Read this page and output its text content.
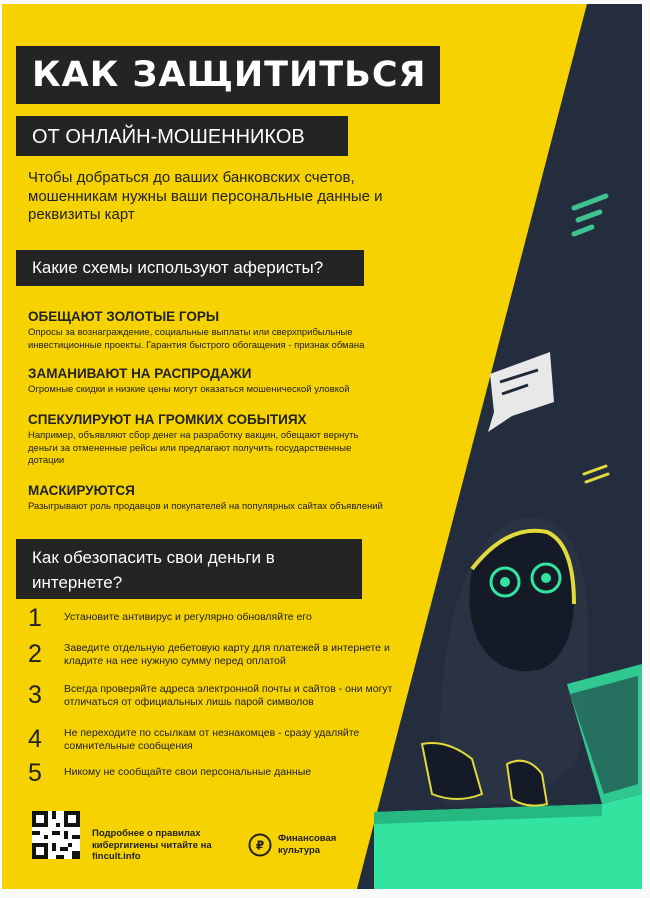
КАК ЗАЩИТИТЬСЯ
ОТ ОНЛАЙН-МОШЕННИКОВ
Чтобы добраться до ваших банковских счетов, мошенникам нужны ваши персональные данные и реквизиты карт
Какие схемы используют аферисты?
ОБЕЩАЮТ ЗОЛОТЫЕ ГОРЫ
Опросы за вознаграждение, социальные выплаты или сверхприбыльные инвестиционные проекты. Гарантия быстрого обогащения - признак обмана
ЗАМАНИВАЮТ НА РАСПРОДАЖИ
Огромные скидки и низкие цены могут оказаться мошенической уловкой
СПЕКУЛИРУЮТ НА ГРОМКИХ СОБЫТИЯХ
Например, объявляют сбор денег на разработку вакцин, обещают вернуть деньги за отмененные рейсы или предлагают получить государственные дотации
МАСКИРУЮТСЯ
Разыгрывают роль продавцов и покупателей на популярных сайтах объявлений
Как обезопасить свои деньги в интернете?
1 Установите антивирус и регулярно обновляйте его
2 Заведите отдельную дебетовую карту для платежей в интернете и кладите на нее нужную сумму перед оплатой
3 Всегда проверяйте адреса электронной почты и сайтов - они могут отличаться от официальных лишь парой символов
4 Не переходите по ссылкам от незнакомцев - сразу удаляйте сомнительные сообщения
5 Никому не сообщайте свои персональные данные
Подробнее о правилах кибергигиены читайте на fincult.info
₽ Финансовая культура
